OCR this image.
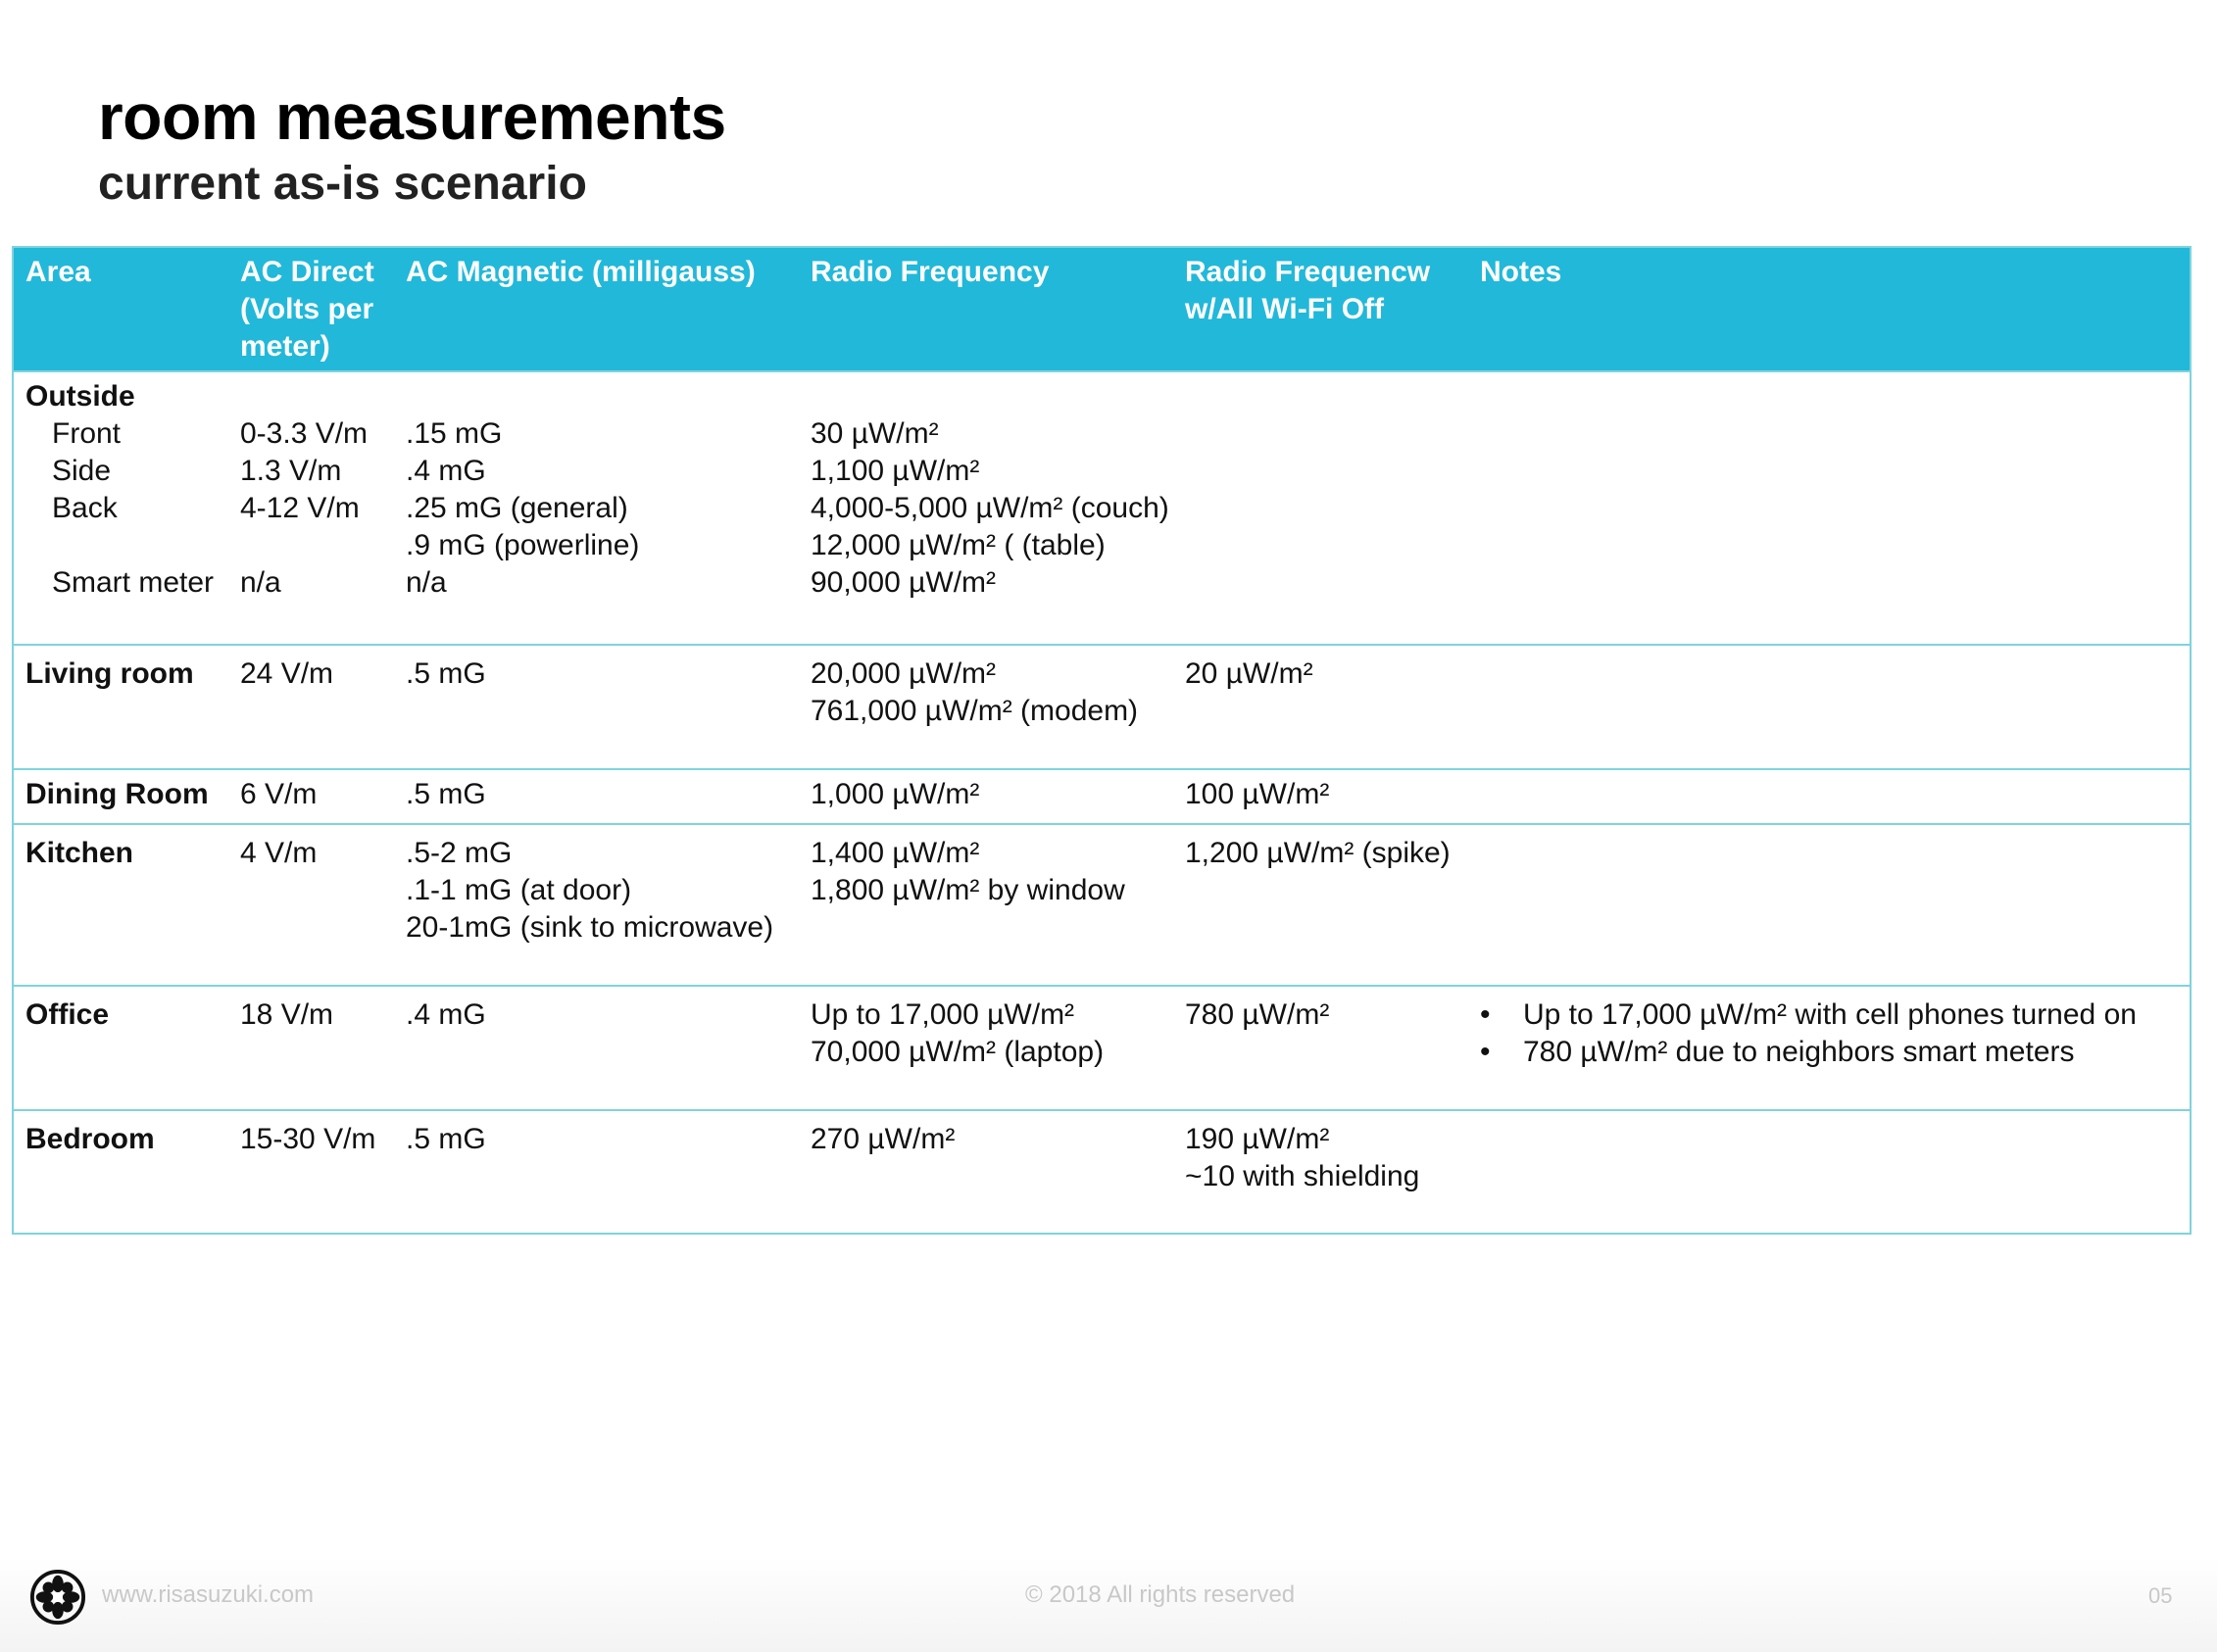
room measurements
current as-is scenario
Area	AC Direct
(Volts per
meter)
AC Magnetic (milligauss) Radio Frequency	Radio Frequencw
w/All Wi-Fi Off
Notes
Outside
Front
Side
Back
Smart meter
0-3.3 V/m
1.3 V/m
4-12 V/m
n/a
.15 mG
.4 mG
.25 mG (general)
.9 mG (powerline)
n/a
30 µW/m²
1,100 µW/m²
4,000-5,000 µW/m² (couch)
12,000 µW/m² ( (table)
90,000 µW/m²
Living room 24 V/m .5 mG	20,000 µW/m²
761,000 µW/m² (modem)
20 µW/m²
Dining Room 6 V/m	.5 mG	1,000 µW/m²	100 µW/m²
Kitchen	4 V/m	.5-2 mG
.1-1 mG (at door)
20-1mG (sink to microwave)
1,400 µW/m²
1,800 µW/m² by window
1,200 µW/m² (spike)
Office	18 V/m .4 mG	Up to 17,000 µW/m²
70,000 µW/m² (laptop)
780 µW/m²
•	Up to 17,000 µW/m² with cell phones turned on
• 780 µW/m² due to neighbors smart meters
Bedroom	15-30 V/m .5 mG	270 µW/m²	190 µW/m²
~10 with shielding
www.risasuzuki.com	© 2018 All rights reserved	05
